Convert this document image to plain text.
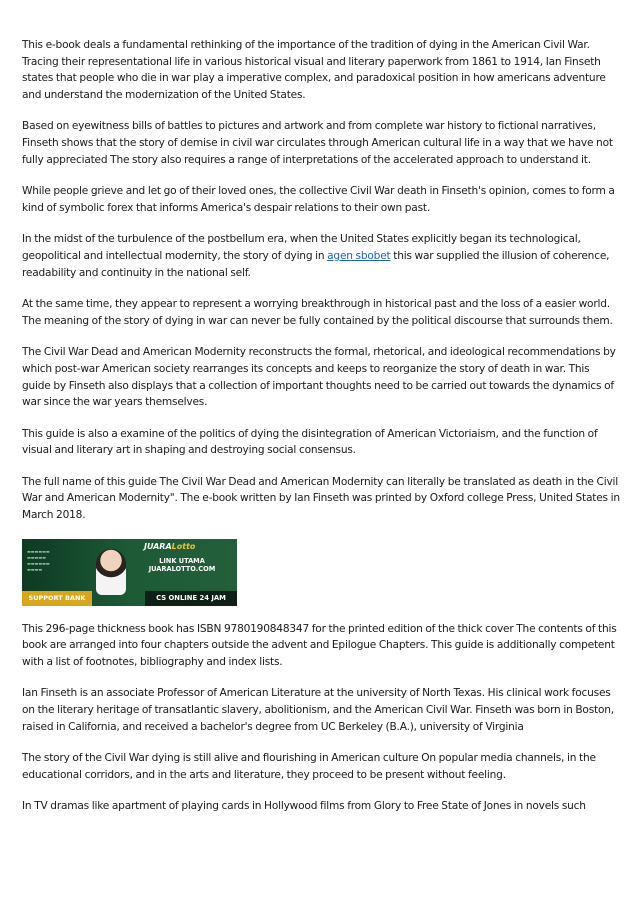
This e-book deals a fundamental rethinking of the importance of the tradition of dying in the American Civil War. Tracing their representational life in various historical visual and literary paperwork from 1861 to 1914, Ian Finseth states that people who die in war play a imperative complex, and paradoxical position in how americans adventure and understand the modernization of the United States.

Based on eyewitness bills of battles to pictures and artwork and from complete war history to fictional narratives, Finseth shows that the story of demise in civil war circulates through American cultural life in a way that we have not fully appreciated The story also requires a range of interpretations of the accelerated approach to understand it.

While people grieve and let go of their loved ones, the collective Civil War death in Finseth's opinion, comes to form a kind of symbolic forex that informs America's despair relations to their own past.

In the midst of the turbulence of the postbellum era, when the United States explicitly began its technological, geopolitical and intellectual modernity, the story of dying in agen sbobet this war supplied the illusion of coherence, readability and continuity in the national self.

At the same time, they appear to represent a worrying breakthrough in historical past and the loss of a easier world. The meaning of the story of dying in war can never be fully contained by the political discourse that surrounds them.

The Civil War Dead and American Modernity reconstructs the formal, rhetorical, and ideological recommendations by which post-war American society rearranges its concepts and keeps to reorganize the story of death in war. This guide by Finseth also displays that a collection of important thoughts need to be carried out towards the dynamics of war since the war years themselves.

This guide is also a examine of the politics of dying the disintegration of American Victoriaism, and the function of visual and literary art in shaping and destroying social consensus.

The full name of this guide The Civil War Dead and American Modernity can literally be translated as death in the Civil War and American Modernity". The e-book written by Ian Finseth was printed by Oxford college Press, United States in March 2018.

▬▬▬▬▬▬
▬▬▬▬▬
▬▬▬▬▬▬
▬▬▬▬
JUARALotto
LINK UTAMA
JUARALOTTO.COM
SUPPORT BANK	CS ONLINE 24 JAM

This 296-page thickness book has ISBN 9780190848347 for the printed edition of the thick cover The contents of this book are arranged into four chapters outside the advent and Epilogue Chapters. This guide is additionally competent with a list of footnotes, bibliography and index lists.

Ian Finseth is an associate Professor of American Literature at the university of North Texas. His clinical work focuses on the literary heritage of transatlantic slavery, abolitionism, and the American Civil War. Finseth was born in Boston, raised in California, and received a bachelor's degree from UC Berkeley (B.A.), university of Virginia

The story of the Civil War dying is still alive and flourishing in American culture On popular media channels, in the educational corridors, and in the arts and literature, they proceed to be present without feeling.

In TV dramas like apartment of playing cards in Hollywood films from Glory to Free State of Jones in novels such
